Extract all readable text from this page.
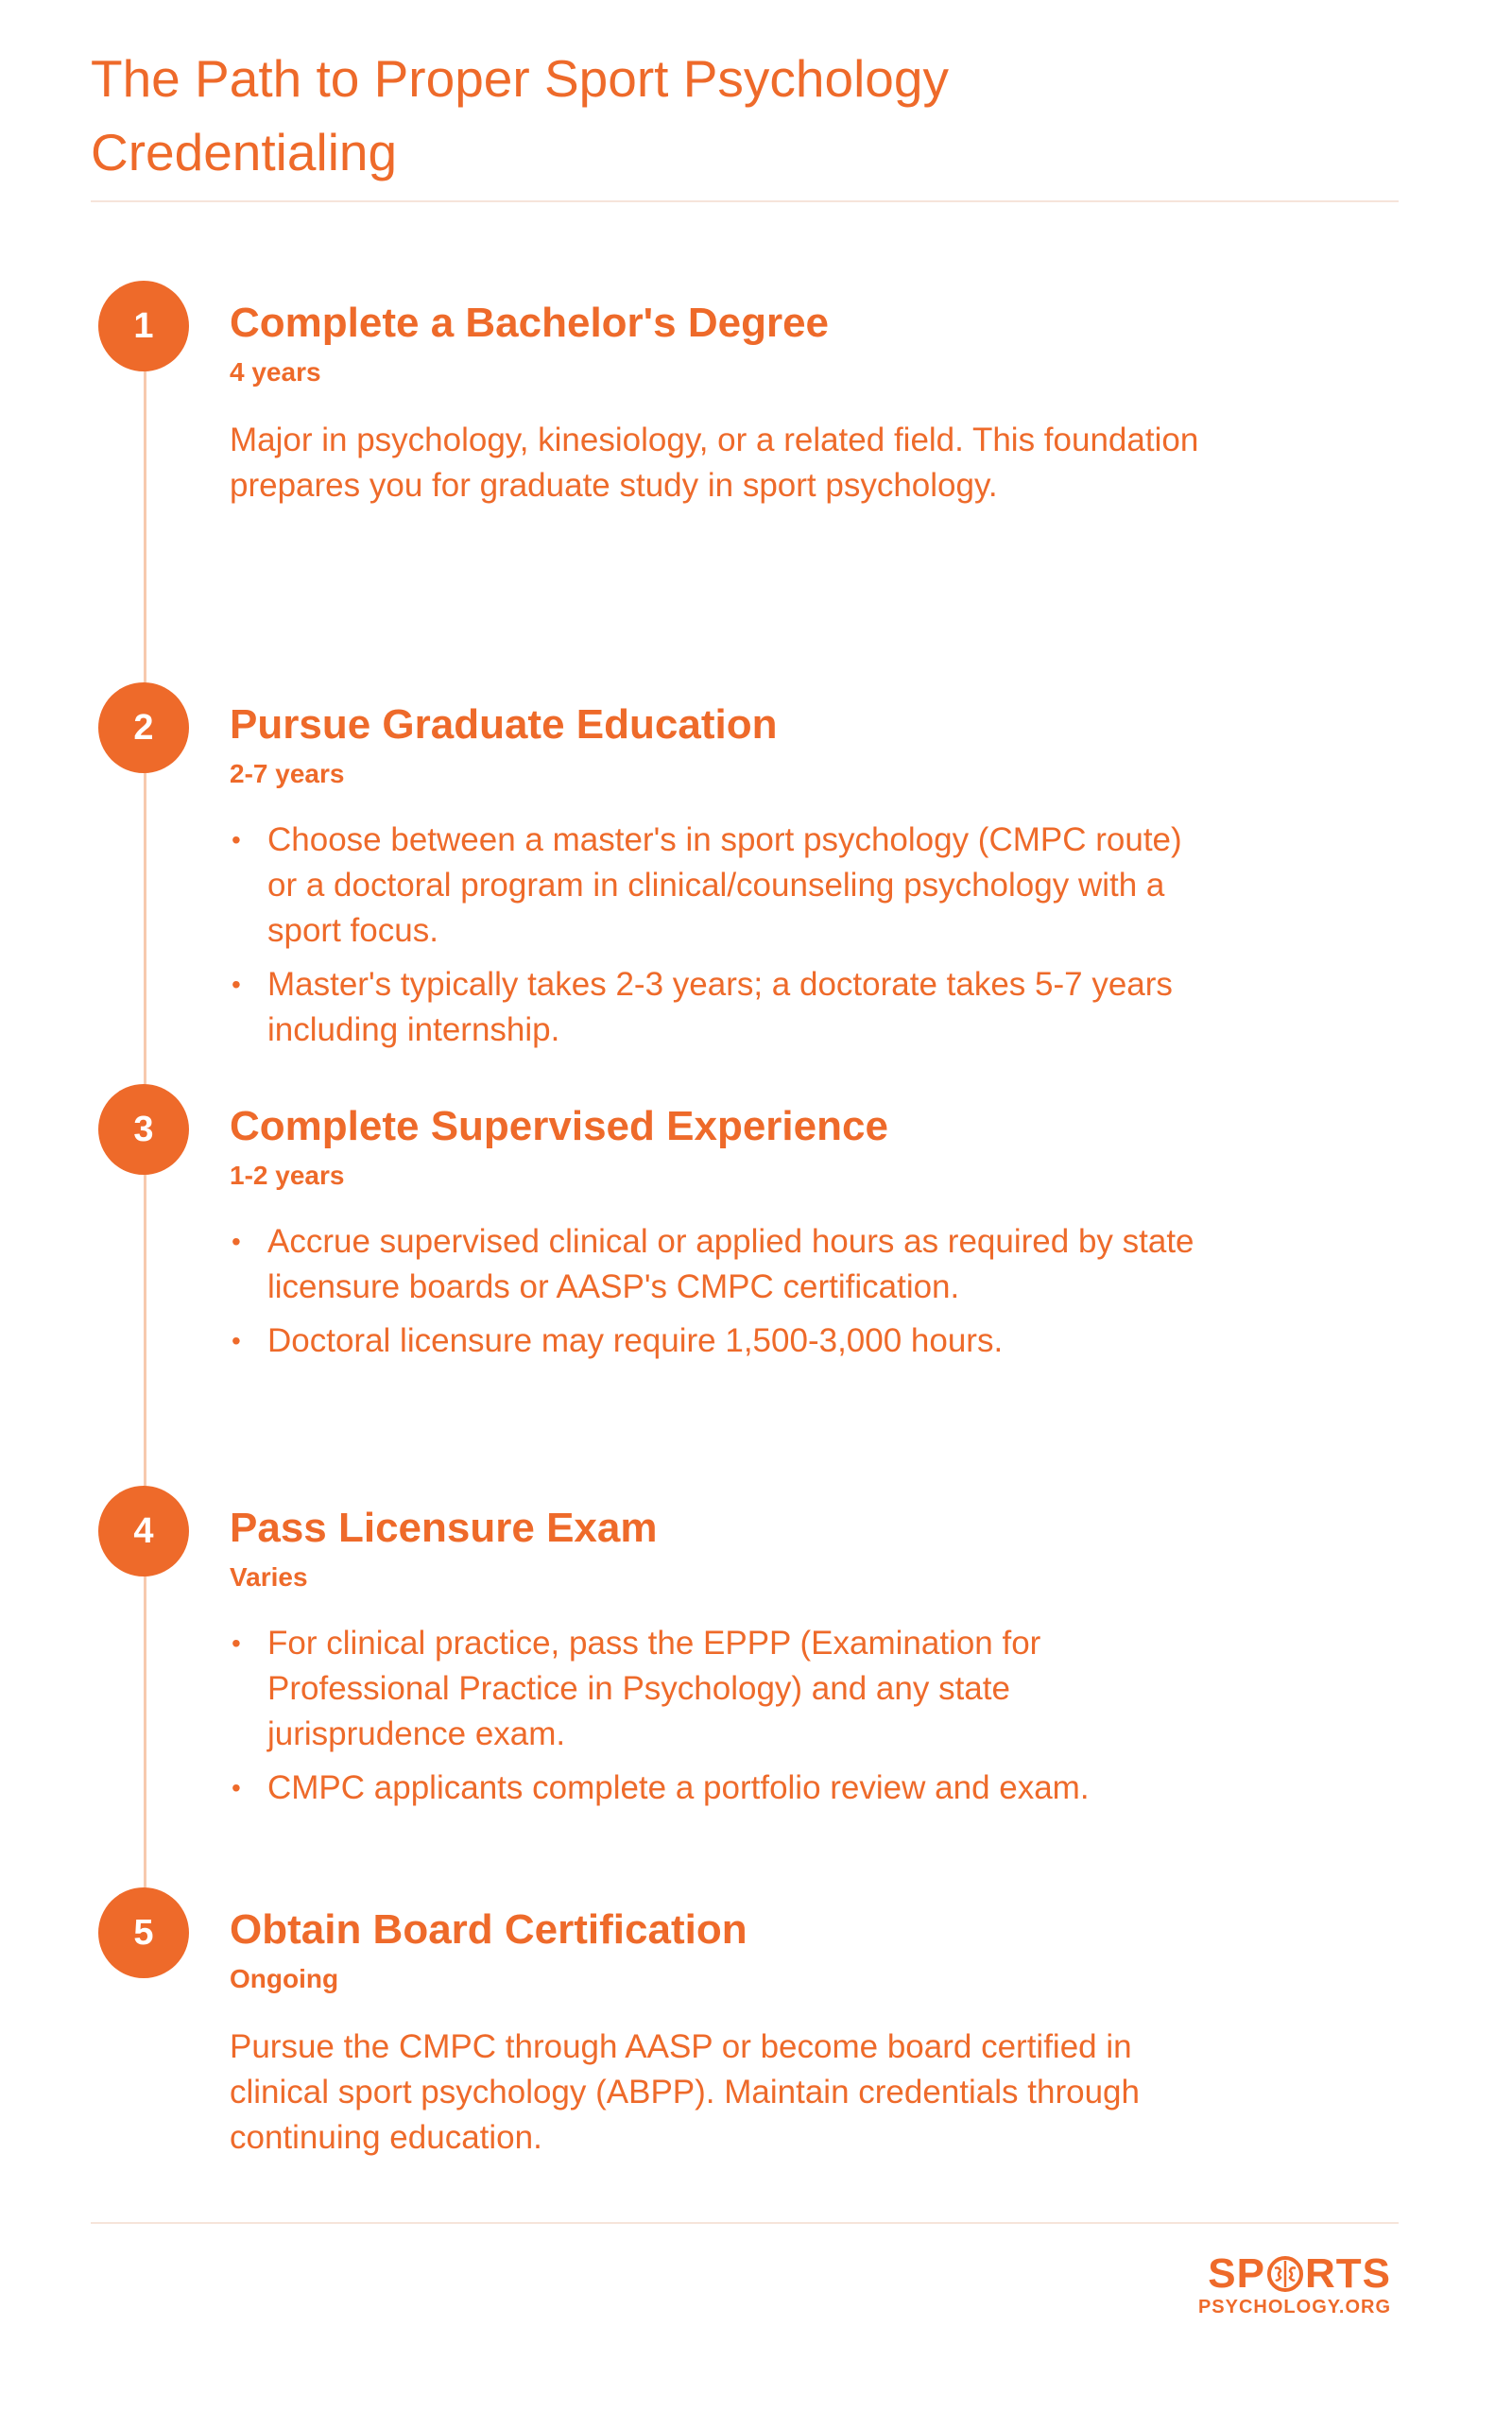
The Path to Proper Sport Psychology Credentialing
1	Complete a Bachelor's Degree
4 years
Major in psychology, kinesiology, or a related field. This foundation prepares you for graduate study in sport psychology.
2	Pursue Graduate Education
2-7 years
• Choose between a master's in sport psychology (CMPC route) or a doctoral program in clinical/counseling psychology with a sport focus.
• Master's typically takes 2-3 years; a doctorate takes 5-7 years including internship.
3	Complete Supervised Experience
1-2 years
• Accrue supervised clinical or applied hours as required by state licensure boards or AASP's CMPC certification.
• Doctoral licensure may require 1,500-3,000 hours.
4	Pass Licensure Exam
Varies
• For clinical practice, pass the EPPP (Examination for Professional Practice in Psychology) and any state jurisprudence exam.
• CMPC applicants complete a portfolio review and exam.
5	Obtain Board Certification
Ongoing
Pursue the CMPC through AASP or become board certified in clinical sport psychology (ABPP). Maintain credentials through continuing education.
SP RTS
PSYCHOLOGY.ORG
